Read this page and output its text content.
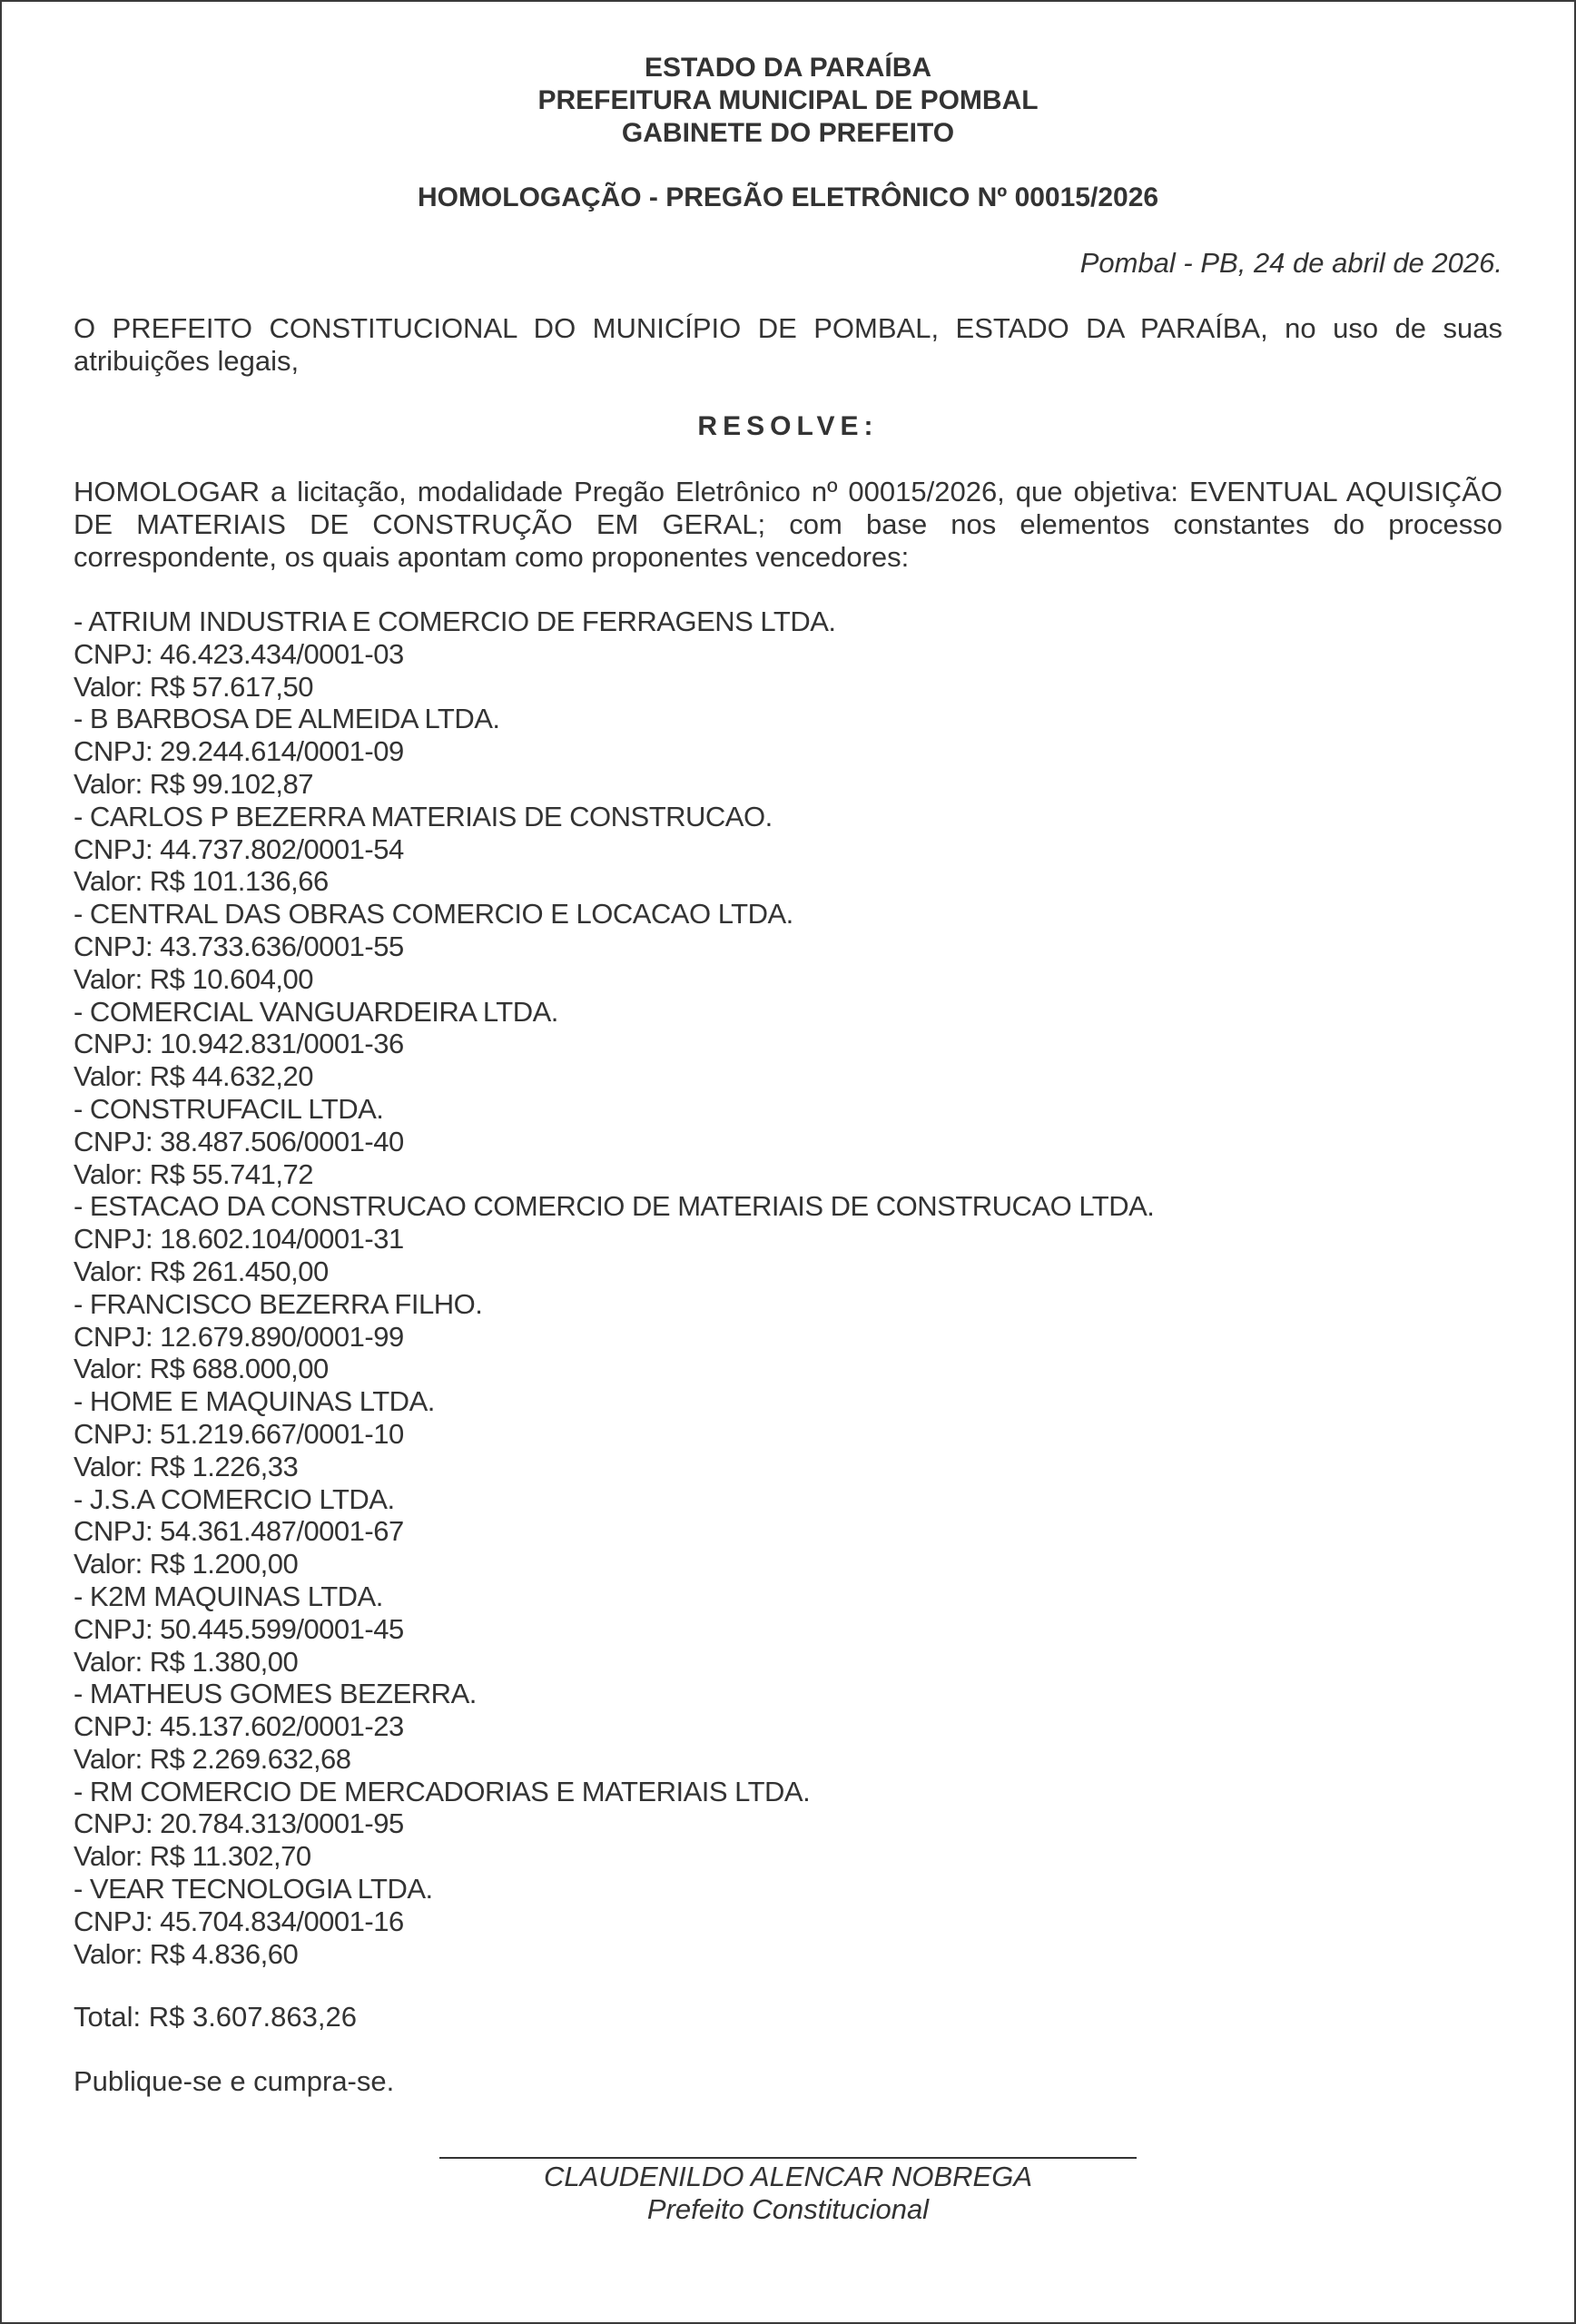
ESTADO DA PARAÍBA
PREFEITURA MUNICIPAL DE POMBAL
GABINETE DO PREFEITO
HOMOLOGAÇÃO - PREGÃO ELETRÔNICO Nº 00015/2026
Pombal - PB, 24 de abril de 2026.
O PREFEITO CONSTITUCIONAL DO MUNICÍPIO DE POMBAL, ESTADO DA PARAÍBA, no uso de suas atribuições legais,
RESOLVE:
HOMOLOGAR a licitação, modalidade Pregão Eletrônico nº 00015/2026, que objetiva: EVENTUAL AQUISIÇÃO DE MATERIAIS DE CONSTRUÇÃO EM GERAL; com base nos elementos constantes do processo correspondente, os quais apontam como proponentes vencedores:
- ATRIUM INDUSTRIA E COMERCIO DE FERRAGENS LTDA.
CNPJ: 46.423.434/0001-03
Valor: R$ 57.617,50
- B BARBOSA DE ALMEIDA LTDA.
CNPJ: 29.244.614/0001-09
Valor: R$ 99.102,87
- CARLOS P BEZERRA MATERIAIS DE CONSTRUCAO.
CNPJ: 44.737.802/0001-54
Valor: R$ 101.136,66
- CENTRAL DAS OBRAS COMERCIO E LOCACAO LTDA.
CNPJ: 43.733.636/0001-55
Valor: R$ 10.604,00
- COMERCIAL VANGUARDEIRA LTDA.
CNPJ: 10.942.831/0001-36
Valor: R$ 44.632,20
- CONSTRUFACIL LTDA.
CNPJ: 38.487.506/0001-40
Valor: R$ 55.741,72
- ESTACAO DA CONSTRUCAO COMERCIO DE MATERIAIS DE CONSTRUCAO LTDA.
CNPJ: 18.602.104/0001-31
Valor: R$ 261.450,00
- FRANCISCO BEZERRA FILHO.
CNPJ: 12.679.890/0001-99
Valor: R$ 688.000,00
- HOME E MAQUINAS LTDA.
CNPJ: 51.219.667/0001-10
Valor: R$ 1.226,33
- J.S.A COMERCIO LTDA.
CNPJ: 54.361.487/0001-67
Valor: R$ 1.200,00
- K2M MAQUINAS LTDA.
CNPJ: 50.445.599/0001-45
Valor: R$ 1.380,00
- MATHEUS GOMES BEZERRA.
CNPJ: 45.137.602/0001-23
Valor: R$ 2.269.632,68
- RM COMERCIO DE MERCADORIAS E MATERIAIS LTDA.
CNPJ: 20.784.313/0001-95
Valor: R$ 11.302,70
- VEAR TECNOLOGIA LTDA.
CNPJ: 45.704.834/0001-16
Valor: R$ 4.836,60
Total: R$ 3.607.863,26
Publique-se e cumpra-se.
CLAUDENILDO ALENCAR NOBREGA
Prefeito Constitucional
